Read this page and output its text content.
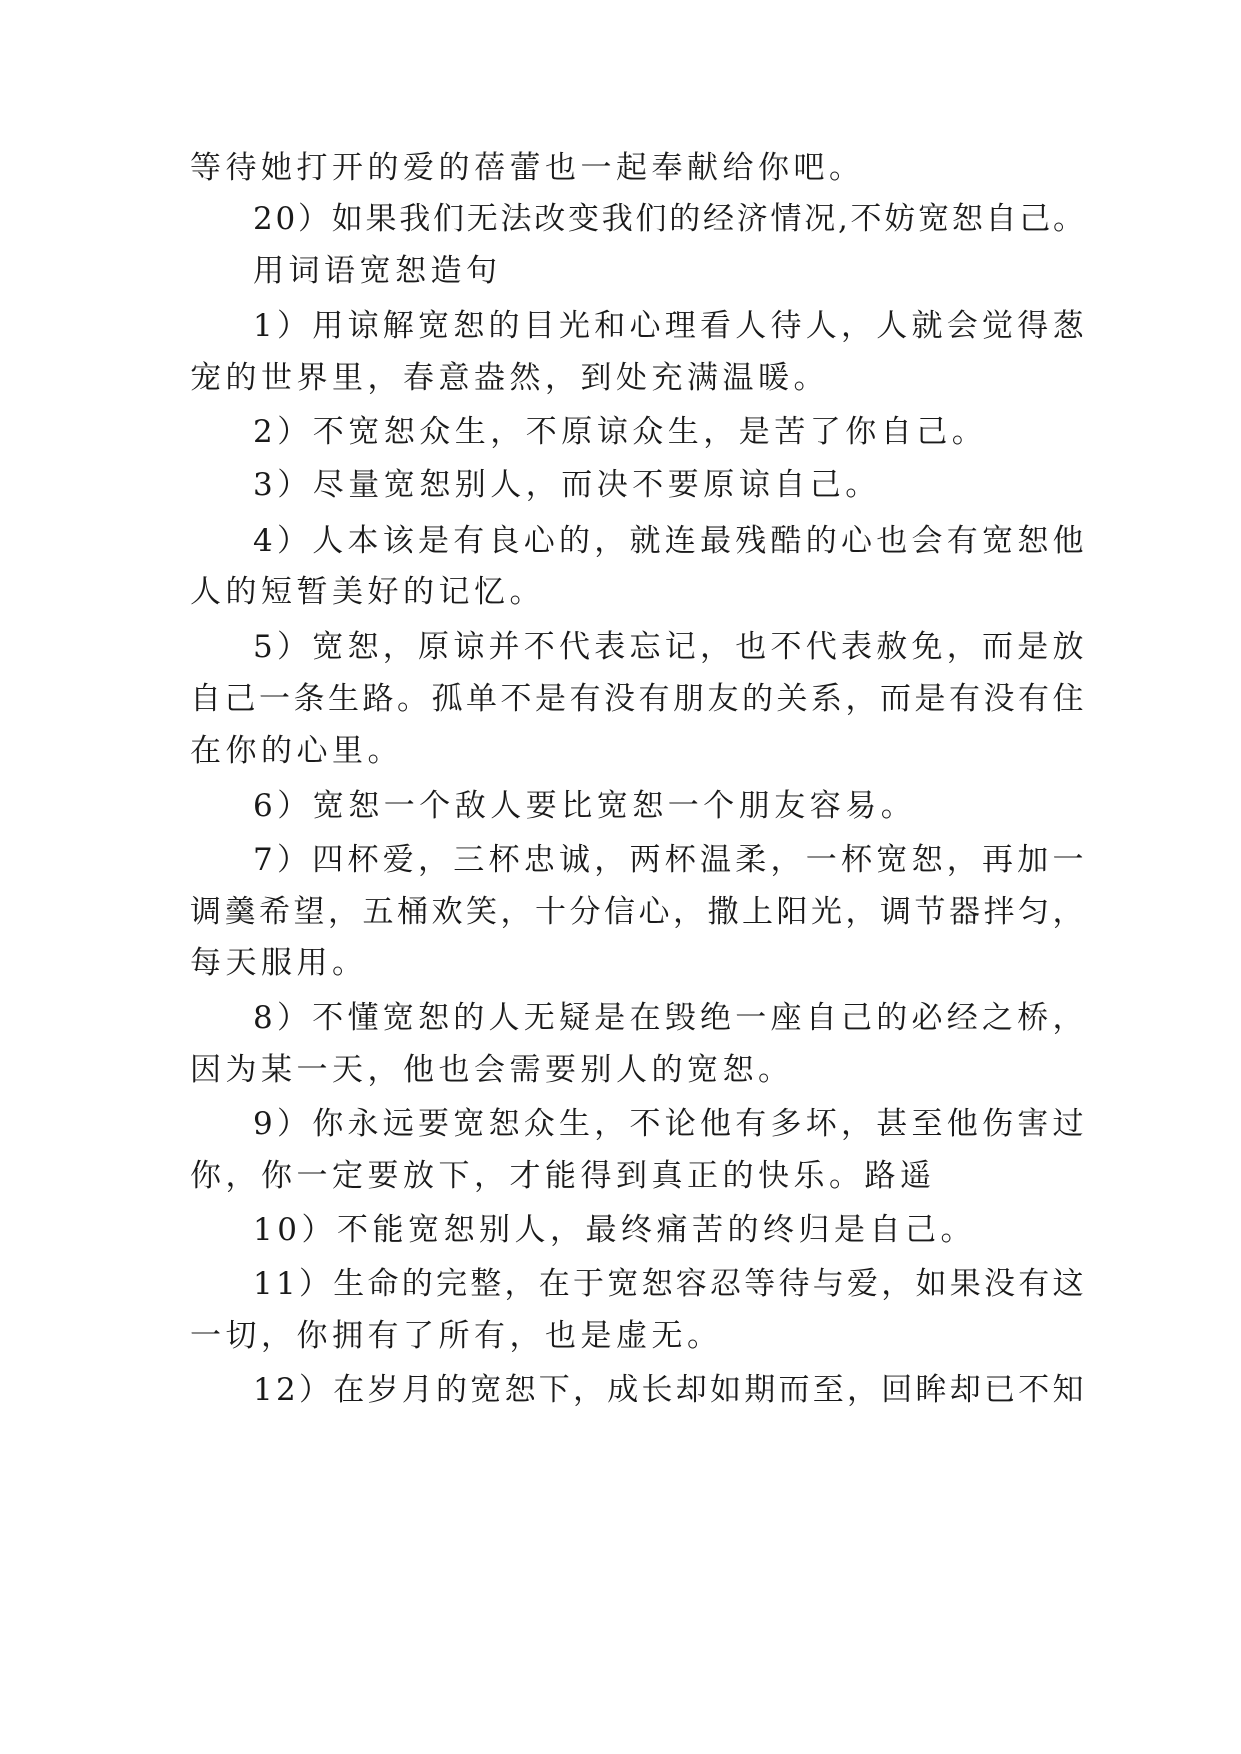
等待她打开的爱的蓓蕾也一起奉献给你吧。

20）如果我们无法改变我们的经济情况,不妨宽恕自己。

用词语宽恕造句

1）用谅解宽恕的目光和心理看人待人，人就会觉得葱

宠的世界里，春意盎然，到处充满温暖。

2）不宽恕众生，不原谅众生，是苦了你自己。

3）尽量宽恕别人，而决不要原谅自己。

4）人本该是有良心的，就连最残酷的心也会有宽恕他

人的短暂美好的记忆。

5）宽恕，原谅并不代表忘记，也不代表赦免，而是放

自己一条生路。孤单不是有没有朋友的关系，而是有没有住

在你的心里。

6）宽恕一个敌人要比宽恕一个朋友容易。

7）四杯爱，三杯忠诚，两杯温柔，一杯宽恕，再加一

调羹希望，五桶欢笑，十分信心，撒上阳光，调节器拌匀，

每天服用。

8）不懂宽恕的人无疑是在毁绝一座自己的必经之桥，

因为某一天，他也会需要别人的宽恕。

9）你永远要宽恕众生，不论他有多坏，甚至他伤害过

你，你一定要放下，才能得到真正的快乐。路遥

10）不能宽恕别人，最终痛苦的终归是自己。

11）生命的完整，在于宽恕容忍等待与爱，如果没有这

一切，你拥有了所有，也是虚无。

12）在岁月的宽恕下，成长却如期而至，回眸却已不知
